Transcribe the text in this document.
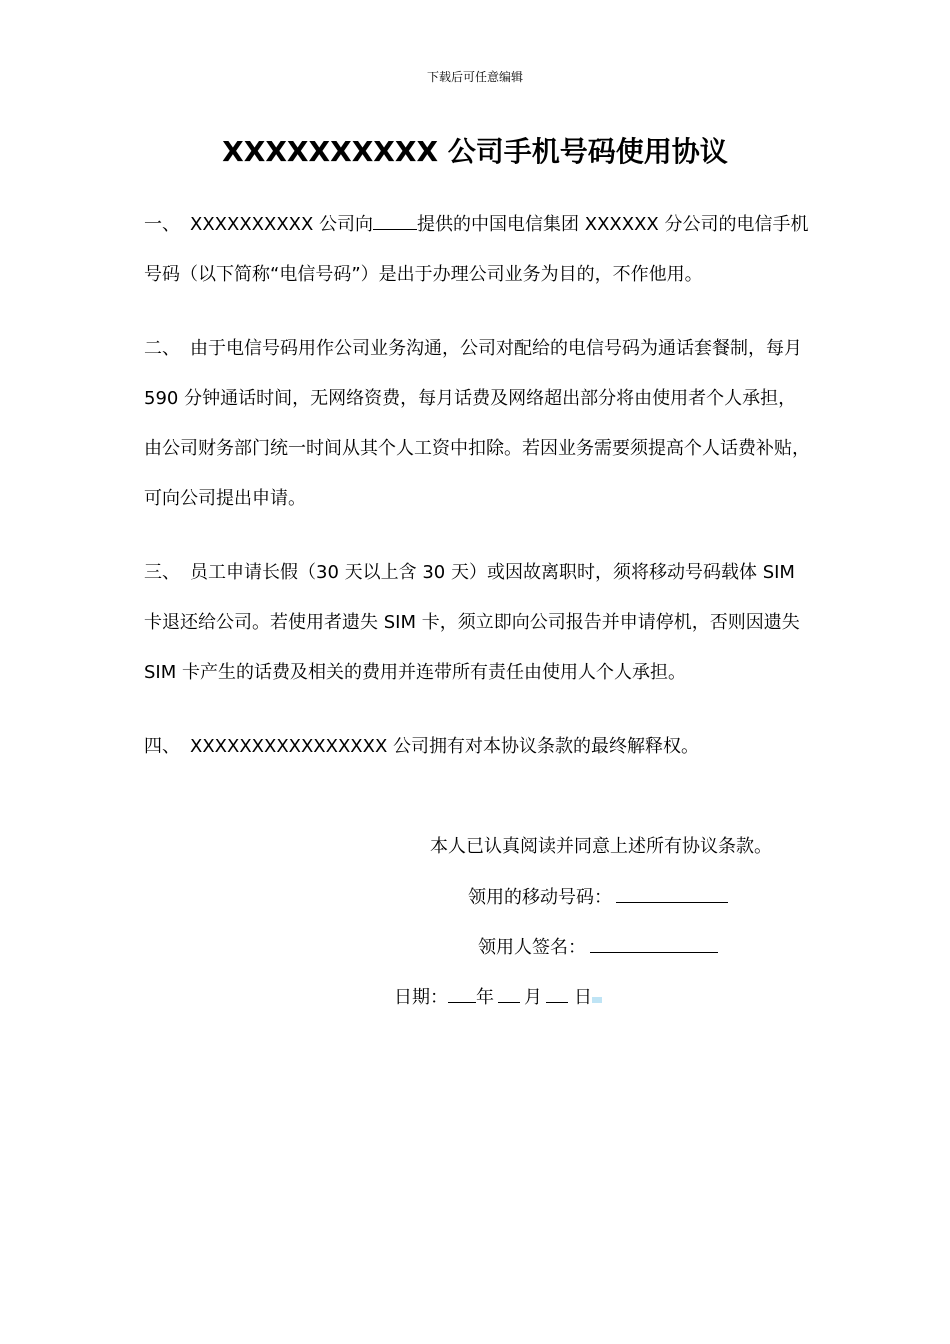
下载后可任意编辑
XXXXXXXXXX 公司手机号码使用协议

一、 XXXXXXXXXX 公司向 提供的中国电信集团 XXXXXX 分公司的电信手机号码（以下简称“电信号码”）是出于办理公司业务为目的，不作他用。

二、 由于电信号码用作公司业务沟通，公司对配给的电信号码为通话套餐制，每月 590 分钟通话时间，无网络资费，每月话费及网络超出部分将由使用者个人承担，由公司财务部门统一时间从其个人工资中扣除。若因业务需要须提高个人话费补贴，可向公司提出申请。

三、 员工申请长假（30 天以上含 30 天）或因故离职时，须将移动号码载体 SIM 卡退还给公司。若使用者遗失 SIM 卡，须立即向公司报告并申请停机，否则因遗失 SIM 卡产生的话费及相关的费用并连带所有责任由使用人个人承担。

四、 XXXXXXXXXXXXXXXX 公司拥有对本协议条款的最终解释权。

本人已认真阅读并同意上述所有协议条款。
领用的移动号码：
领用人签名：
日期： 年 月 日
